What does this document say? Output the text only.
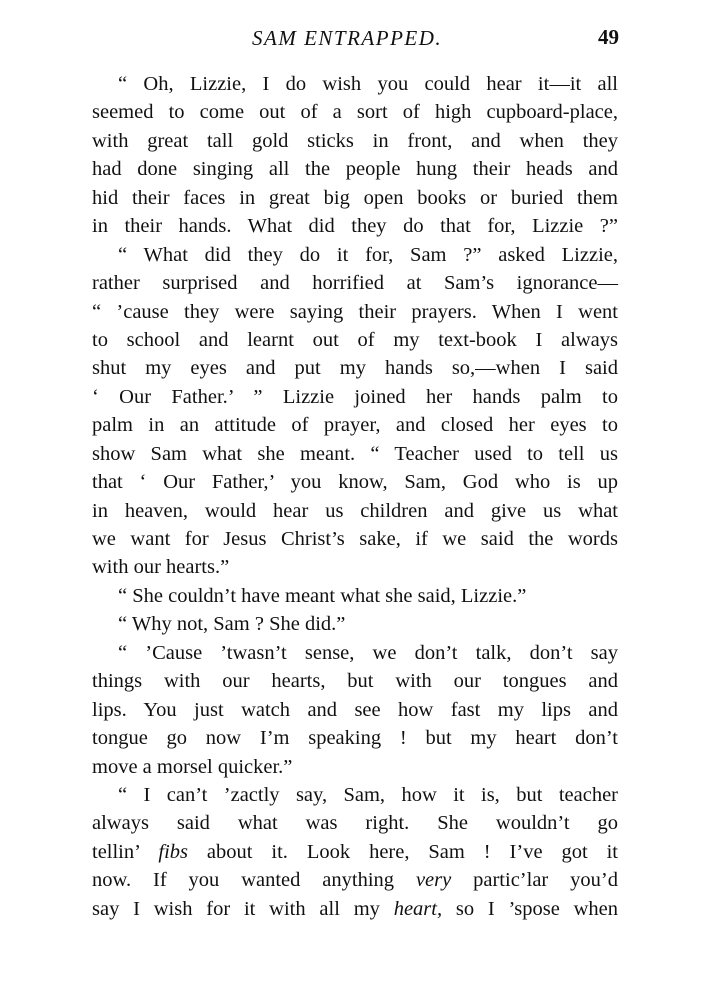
SAM ENTRAPPED.	49
“ Oh, Lizzie, I do wish you could hear it—it all
seemed to come out of a sort of high cupboard-place,
with great tall gold sticks in front, and when they
had done singing all the people hung their heads and
hid their faces in great big open books or buried them
in their hands. What did they do that for, Lizzie ?”
“ What did they do it for, Sam ?” asked Lizzie,
rather surprised and horrified at Sam’s ignorance—
“ ’cause they were saying their prayers. When I went
to school and learnt out of my text-book I always
shut my eyes and put my hands so,—when I said
‘ Our Father.’ ” Lizzie joined her hands palm to
palm in an attitude of prayer, and closed her eyes to
show Sam what she meant. “ Teacher used to tell us
that ‘ Our Father,’ you know, Sam, God who is up
in heaven, would hear us children and give us what
we want for Jesus Christ’s sake, if we said the words
with our hearts.”
“ She couldn’t have meant what she said, Lizzie.”
“ Why not, Sam ? She did.”
“ ’Cause ’twasn’t sense, we don’t talk, don’t say
things with our hearts, but with our tongues and
lips. You just watch and see how fast my lips and
tongue go now I’m speaking ! but my heart don’t
move a morsel quicker.”
“ I can’t ’zactly say, Sam, how it is, but teacher
always said what was right. She wouldn’t go
tellin’ fibs about it. Look here, Sam ! I’ve got it
now. If you wanted anything very partic’lar you’d
say I wish for it with all my heart, so I ’spose when
